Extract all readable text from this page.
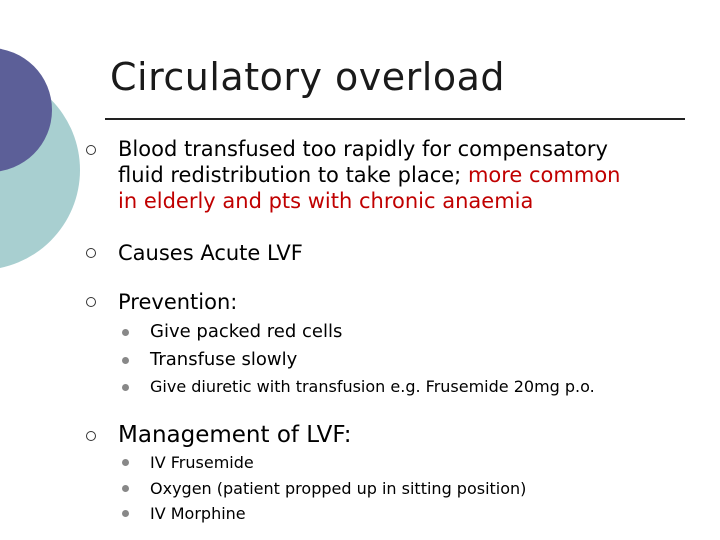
Circulatory overload
Blood transfused too rapidly for compensatory
fluid redistribution to take place; more common
in elderly and pts with chronic anaemia
Causes Acute LVF
Prevention:
Give packed red cells
Transfuse slowly
Give diuretic with transfusion e.g. Frusemide 20mg p.o.
Management of LVF:
IV Frusemide
Oxygen (patient propped up in sitting position)
IV Morphine
